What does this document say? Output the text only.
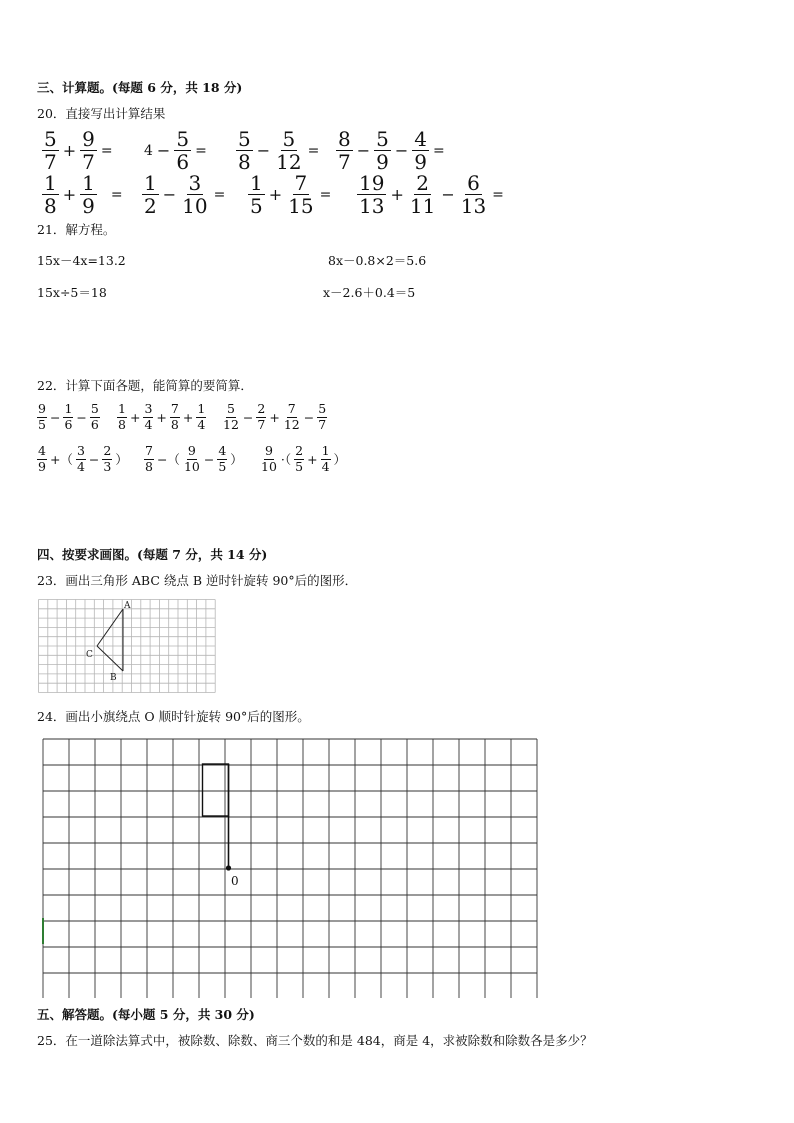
三、计算题。(每题 6 分，共 18 分)
20．直接写出计算结果
$\frac{5}{7} + \frac{9}{7} = 4 - \frac{5}{6} = \frac{5}{8} - \frac{5}{12} = \frac{8}{7} - \frac{5}{9} - \frac{4}{9}$ =
$\frac{1}{8} + \frac{1}{9} = \frac{1}{2} - \frac{3}{10} = \frac{1}{5} + \frac{7}{15} = \frac{19}{13} + \frac{2}{11} - \frac{6}{13}$ =
21．解方程。
15x－4x=13.2	8x－0.8×2＝5.6
15x÷5＝18	x－2.6＋0.4＝5
22．计算下面各题，能简算的要简算．
$\frac{9}{5} - \frac{1}{6} - \frac{5}{6} \frac{1}{8} + \frac{3}{4} + \frac{7}{8} + \frac{1}{4} \frac{5}{12} - \frac{2}{7} + \frac{7}{12} - \frac{5}{7}$
$\frac{4}{9}$ +（ $\frac{3}{4} - \frac{2}{3}$ ） $\frac{7}{8}$ −（ $\frac{9}{10} - \frac{4}{5}$ ） $\frac{9}{10}$ ·（ $\frac{2}{5} + \frac{1}{4}$ ）
四、按要求画图。(每题 7 分，共 14 分)
23．画出三角形 ABC 绕点 B 逆时针旋转 90°后的图形．
A
B
C
24．画出小旗绕点 O 顺时针旋转 90°后的图形。
0
五、解答题。(每小题 5 分，共 30 分)
25．在一道除法算式中，被除数、除数、商三个数的和是 484，商是 4，求被除数和除数各是多少？
